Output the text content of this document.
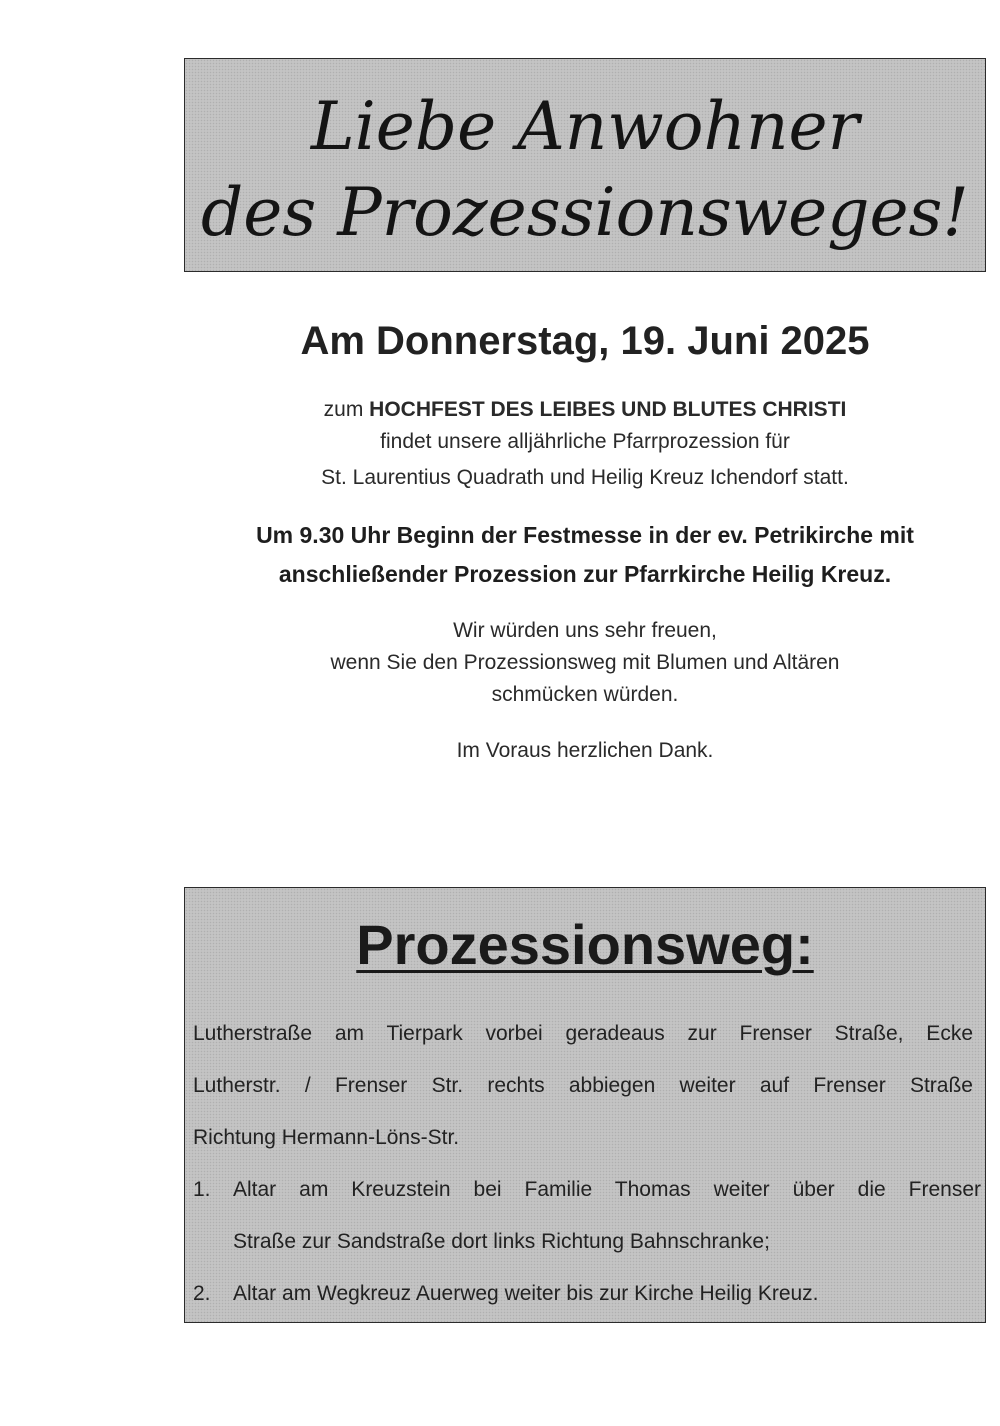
Liebe Anwohner
des Prozessionsweges!
Am Donnerstag, 19. Juni 2025
zum HOCHFEST DES LEIBES UND BLUTES CHRISTI
findet unsere alljährliche Pfarrprozession für
St. Laurentius Quadrath und Heilig Kreuz Ichendorf statt.
Um 9.30 Uhr Beginn der Festmesse in der ev. Petrikirche mit
anschließender Prozession zur Pfarrkirche Heilig Kreuz.
Wir würden uns sehr freuen,
wenn Sie den Prozessionsweg mit Blumen und Altären
schmücken würden.
Im Voraus herzlichen Dank.
Prozessionsweg:
Lutherstraße am Tierpark vorbei geradeaus zur Frenser Straße, Ecke
Lutherstr. / Frenser Str. rechts abbiegen weiter auf Frenser Straße
Richtung Hermann-Löns-Str.
1. Altar am Kreuzstein bei Familie Thomas weiter über die Frenser
Straße zur Sandstraße dort links Richtung Bahnschranke;
2. Altar am Wegkreuz Auerweg weiter bis zur Kirche Heilig Kreuz.
